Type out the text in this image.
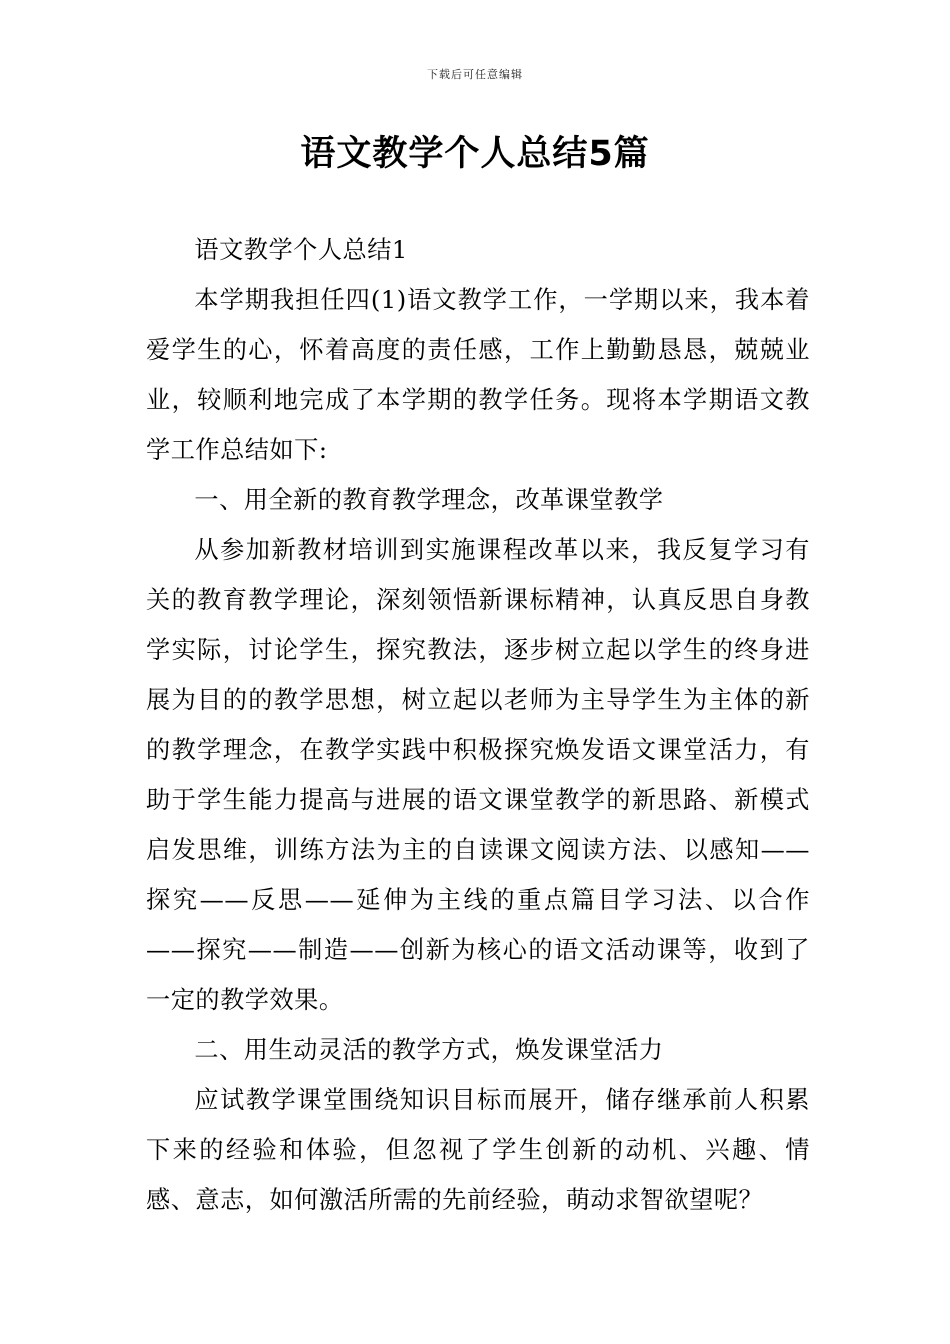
下载后可任意编辑
语文教学个人总结5篇

语文教学个人总结1

本学期我担任四(1)语文教学工作，一学期以来，我本着爱学生的心，怀着高度的责任感，工作上勤勤恳恳，兢兢业业，较顺利地完成了本学期的教学任务。现将本学期语文教学工作总结如下:

一、用全新的教育教学理念，改革课堂教学

从参加新教材培训到实施课程改革以来，我反复学习有关的教育教学理论，深刻领悟新课标精神，认真反思自身教学实际，讨论学生，探究教法，逐步树立起以学生的终身进展为目的的教学思想，树立起以老师为主导学生为主体的新的教学理念，在教学实践中积极探究焕发语文课堂活力，有助于学生能力提高与进展的语文课堂教学的新思路、新模式启发思维，训练方法为主的自读课文阅读方法、以感知——探究——反思——延伸为主线的重点篇目学习法、以合作——探究——制造——创新为核心的语文活动课等，收到了一定的教学效果。

二、用生动灵活的教学方式，焕发课堂活力

应试教学课堂围绕知识目标而展开，储存继承前人积累下来的经验和体验，但忽视了学生创新的动机、兴趣、情感、意志，如何激活所需的先前经验，萌动求智欲望呢？
